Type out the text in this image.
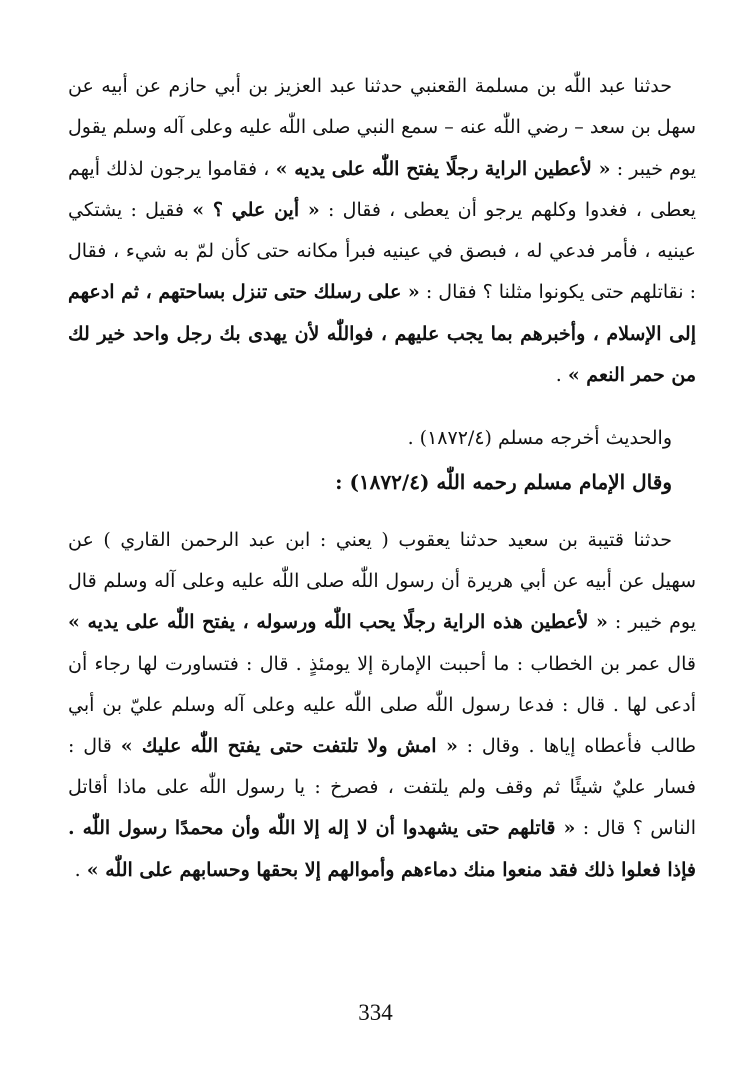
حدثنا عبد اللّٰه بن مسلمة القعنبي حدثنا عبد العزيز بن أبي حازم عن أبيه عن سهل بن سعد – رضي اللّٰه عنه – سمع النبي صلى اللّٰه عليه وعلى آله وسلم يقول يوم خيبر : « لأعطين الراية رجلًا يفتح اللّٰه على يديه » ، فقاموا يرجون لذلك أيهم يعطى ، فغدوا وكلهم يرجو أن يعطى ، فقال : « أين علي ؟ » فقيل : يشتكي عينيه ، فأمر فدعي له ، فبصق في عينيه فبرأ مكانه حتى كأن لمّ به شيء ، فقال : نقاتلهم حتى يكونوا مثلنا ؟ فقال : « على رسلك حتى تنزل بساحتهم ، ثم ادعهم إلى الإسلام ، وأخبرهم بما يجب عليهم ، فواللّٰه لأن يهدى بك رجل واحد خير لك من حمر النعم » .

والحديث أخرجه مسلم (١٨٧٢/٤) .

وقال الإمام مسلم رحمه اللّٰه (١٨٧٢/٤) :

حدثنا قتيبة بن سعيد حدثنا يعقوب ( يعني : ابن عبد الرحمن القاري ) عن سهيل عن أبيه عن أبي هريرة أن رسول اللّٰه صلى اللّٰه عليه وعلى آله وسلم قال يوم خيبر : « لأعطين هذه الراية رجلًا يحب اللّٰه ورسوله ، يفتح اللّٰه على يديه » قال عمر بن الخطاب : ما أحببت الإمارة إلا يومئذٍ . قال : فتساورت لها رجاء أن أدعى لها . قال : فدعا رسول اللّٰه صلى اللّٰه عليه وعلى آله وسلم عليّ بن أبي طالب فأعطاه إياها . وقال : « امش ولا تلتفت حتى يفتح اللّٰه عليك » قال : فسار عليٌ شيئًا ثم وقف ولم يلتفت ، فصرخ : يا رسول اللّٰه على ماذا أقاتل الناس ؟ قال : « قاتلهم حتى يشهدوا أن لا إله إلا اللّٰه وأن محمدًا رسول اللّٰه . فإذا فعلوا ذلك فقد منعوا منك دماءهم وأموالهم إلا بحقها وحسابهم على اللّٰه » .

334
